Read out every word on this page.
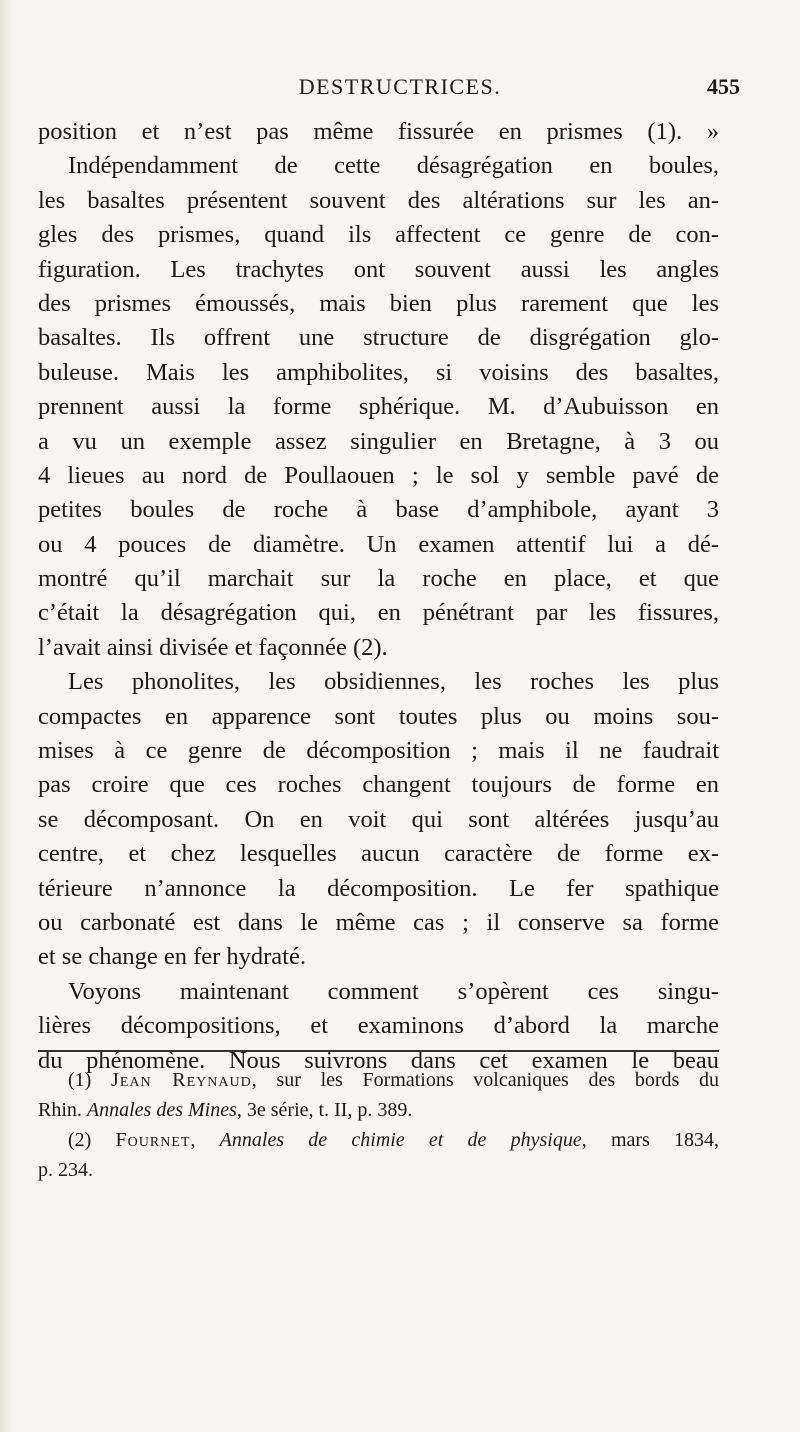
DESTRUCTRICES.	455
position et n’est pas même fissurée en prismes (1). »
Indépendamment de cette désagrégation en boules,
les basaltes présentent souvent des altérations sur les an-
gles des prismes, quand ils affectent ce genre de con-
figuration. Les trachytes ont souvent aussi les angles
des prismes émoussés, mais bien plus rarement que les
basaltes. Ils offrent une structure de disgrégation glo-
buleuse. Mais les amphibolites, si voisins des basaltes,
prennent aussi la forme sphérique. M. d’Aubuisson en
a vu un exemple assez singulier en Bretagne, à 3 ou
4 lieues au nord de Poullaouen ; le sol y semble pavé de
petites boules de roche à base d’amphibole, ayant 3
ou 4 pouces de diamètre. Un examen attentif lui a dé-
montré qu’il marchait sur la roche en place, et que
c’était la désagrégation qui, en pénétrant par les fissures,
l’avait ainsi divisée et façonnée (2).
Les phonolites, les obsidiennes, les roches les plus
compactes en apparence sont toutes plus ou moins sou-
mises à ce genre de décomposition ; mais il ne faudrait
pas croire que ces roches changent toujours de forme en
se décomposant. On en voit qui sont altérées jusqu’au
centre, et chez lesquelles aucun caractère de forme ex-
térieure n’annonce la décomposition. Le fer spathique
ou carbonaté est dans le même cas ; il conserve sa forme
et se change en fer hydraté.
Voyons maintenant comment s’opèrent ces singu-
lières décompositions, et examinons d’abord la marche
du phénomène. Nous suivrons dans cet examen le beau
(1) Jean Reynaud, sur les Formations volcaniques des bords du
Rhin. Annales des Mines, 3e série, t. II, p. 389.
(2) Fournet, Annales de chimie et de physique, mars 1834,
p. 234.
